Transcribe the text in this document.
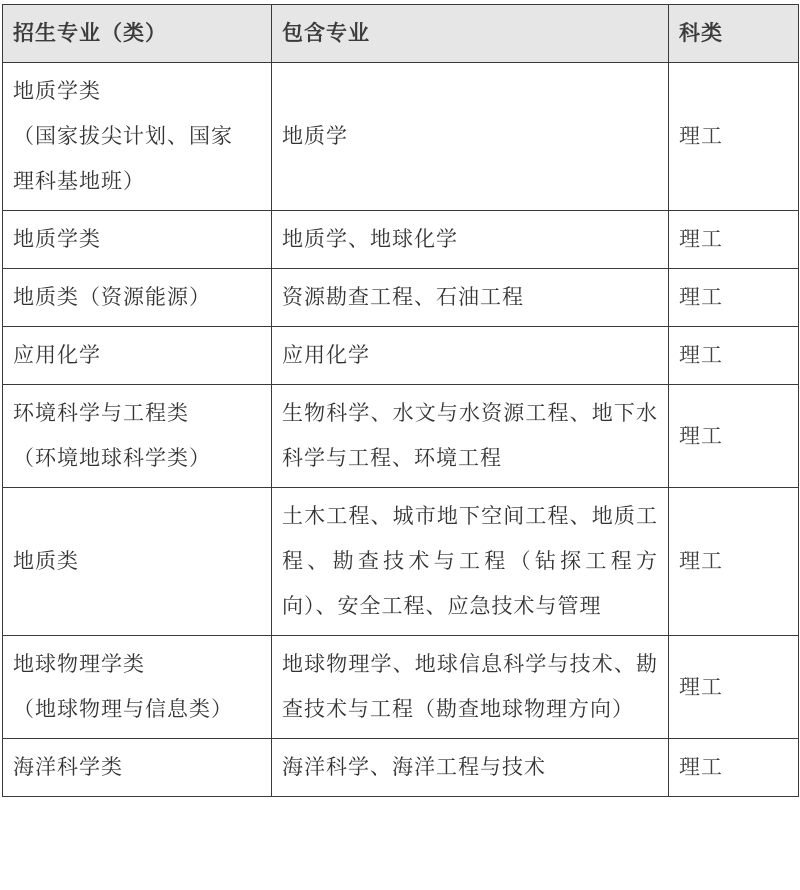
招生专业（类）	包含专业	科类

地质学类
（国家拔尖计划、国家
理科基地班）	地质学	理工

地质学类	地质学、地球化学	理工

地质类（资源能源）	资源勘查工程、石油工程	理工

应用化学	应用化学	理工

环境科学与工程类
（环境地球科学类）	生物科学、水文与水资源工程、地下水科学与工程、环境工程	理工

地质类	土木工程、城市地下空间工程、地质工程、勘查技术与工程（钻探工程方向）、安全工程、应急技术与管理	理工

地球物理学类
（地球物理与信息类）	地球物理学、地球信息科学与技术、勘查技术与工程（勘查地球物理方向）	理工

海洋科学类	海洋科学、海洋工程与技术	理工
